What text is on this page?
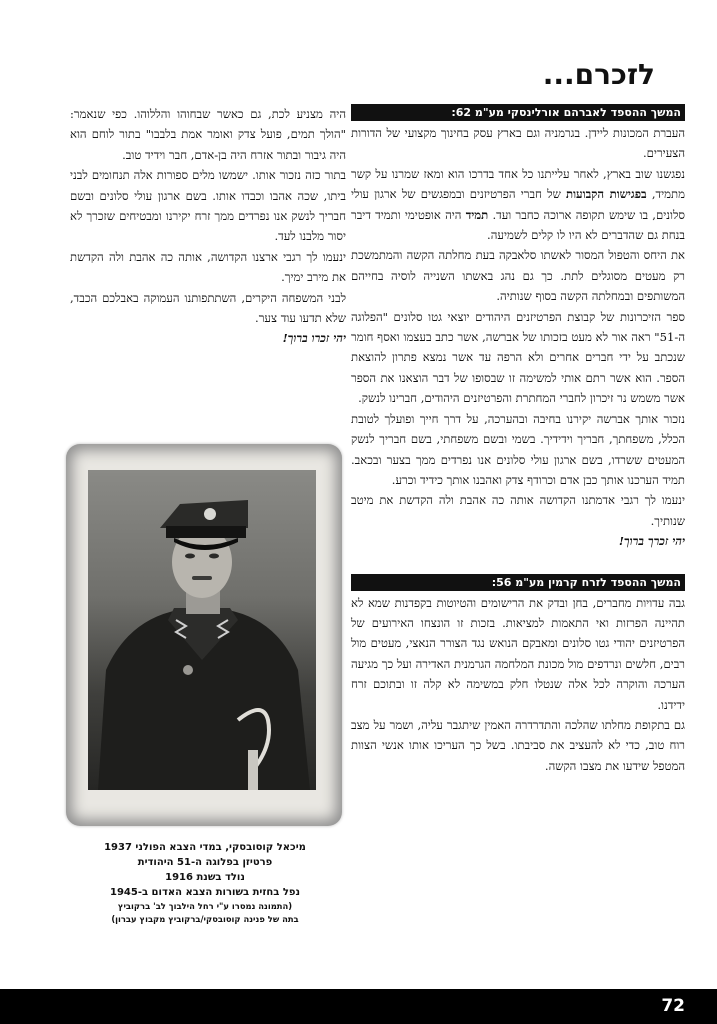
לזכרם...
המשך ההספד לאברהם אורלינסקי מע"מ 62:

העברת המכונות ליידן. בגרמניה וגם בארץ עסק בחינוך מקצועי של הדורות הצעירים.

נפגשנו שוב בארץ, לאחר עלייתנו כל אחד בדרכו הוא ומאז שמרנו על קשר מתמיד, בפגישות הקבועות של חברי הפרטיזנים ובמפגשים של ארגון עולי סלונים, בו שימש תקופה ארוכה כחבר ועד. תמיד היה אופטימי ותמיד דיבר בנחת גם שהדברים לא היו לו קלים לשמיעה.

את היחס והטפול המסור לאשתו סלאבקה בעת מחלתה הקשה והמתמשכת רק מעטים מסוגלים לתת. כך גם נהג באשתו השנייה לוסיה בחייהם המשותפים ובמחלתה הקשה בסוף שנותיה.

ספר הזיכרונות של קבוצת הפרטיזנים היהודים יוצאי גטו סלונים "הפלוגה ה-51" ראה אור לא מעט בזכותו של אברשה, אשר כתב בעצמו ואסף חומר שנכתב על ידי חברים אחרים ולא הרפה עד אשר נמצא פתרון להוצאת הספר. הוא אשר רתם אותי למשימה זו שבסופו של דבר הוצאנו את הספר אשר משמש נר זיכרון לחברי המחתרת והפרטיזנים היהודים, חברינו לנשק.

נזכור אותך אברשה יקירנו בחיבה ובהערכה, על דרך חייך ופועלך לטובת הכלל, משפחתך, חבריך וידידיך. בשמי ובשם משפחתי, בשם חבריך לנשק המעטים ששרדו, בשם ארגון עולי סלונים אנו נפרדים ממך בצער ובכאב. תמיד הערכנו אותך כבן אדם וכרודף צדק ואהבנו אותך כידיד וכרע.

ינעמו לך רגבי אדמתנו הקדושה אותה כה אהבת ולה הקדשת את מיטב שנותיך.

יהי זכרך ברוך!

המשך ההספד לזרח קרמין מע"מ 56:

גבה עדויות מחברים, בחן ובדק את הרישומים והטיוטות בקפדנות שמא לא תהיינה הפרזות ואי התאמות למציאות. בזכות זו הונצחו האירועים של הפרטיזנים יהודי גטו סלונים ומאבקם הנואש נגד הצורר הנאצי, מעטים מול רבים, חלשים ונרדפים מול מכונת המלחמה הגרמנית האדירה ועל כך מגיעה הערכה והוקרה לכל אלה שנטלו חלק במשימה לא קלה זו ובתוכם זרח ידידנו.

גם בתקופת מחלתו שהלכה והתדרדרה האמין שיתגבר עליה, ושמר על מצב רוח טוב, כדי לא להעציב את סביבתו. בשל כך העריכו אותו אנשי הצוות המטפל שידעו את מצבו הקשה.

היה מצניע לכת, גם כאשר שבחוהו והללוהו. כפי שנאמר: "הולך תמים, פועל צדק ואומר אמת בלבבו" בתור לוחם הוא היה גיבור ובתור אזרח היה בן-אדם, חבר וידיד טוב.

בתור כזה נזכור אותו. ישמשו מלים ספורות אלה תנחומים לבני ביתו, שכה אהבו וכבדו אותו. בשם ארגון עולי סלונים ובשם חבריך לנשק אנו נפרדים ממך זרח יקירנו ומבטיחים שזכרך לא יסור מלבנו לעד.

ינעמו לך רגבי ארצנו הקדושה, אותה כה אהבת ולה הקדשת את מירב ימיך.

לבני המשפחה היקרים, השתתפותנו העמוקה באבלכם הכבד, שלא תדעו עוד צער.

יהי זכרו ברוך!

מיכאל קוסובסקי, במדי הצבא הפולני 1937
פרטיזן בפלוגה ה-51 היהודית
נולד בשנת 1916
נפל בחזית בשורות הצבא האדום ב-1945
(התמונה נמסרו ע"י רחל הילבוך לב' ברקוביץ
בתה של פנינה קוסובסקי/ברקוביץ מקבוץ עברון)
72
